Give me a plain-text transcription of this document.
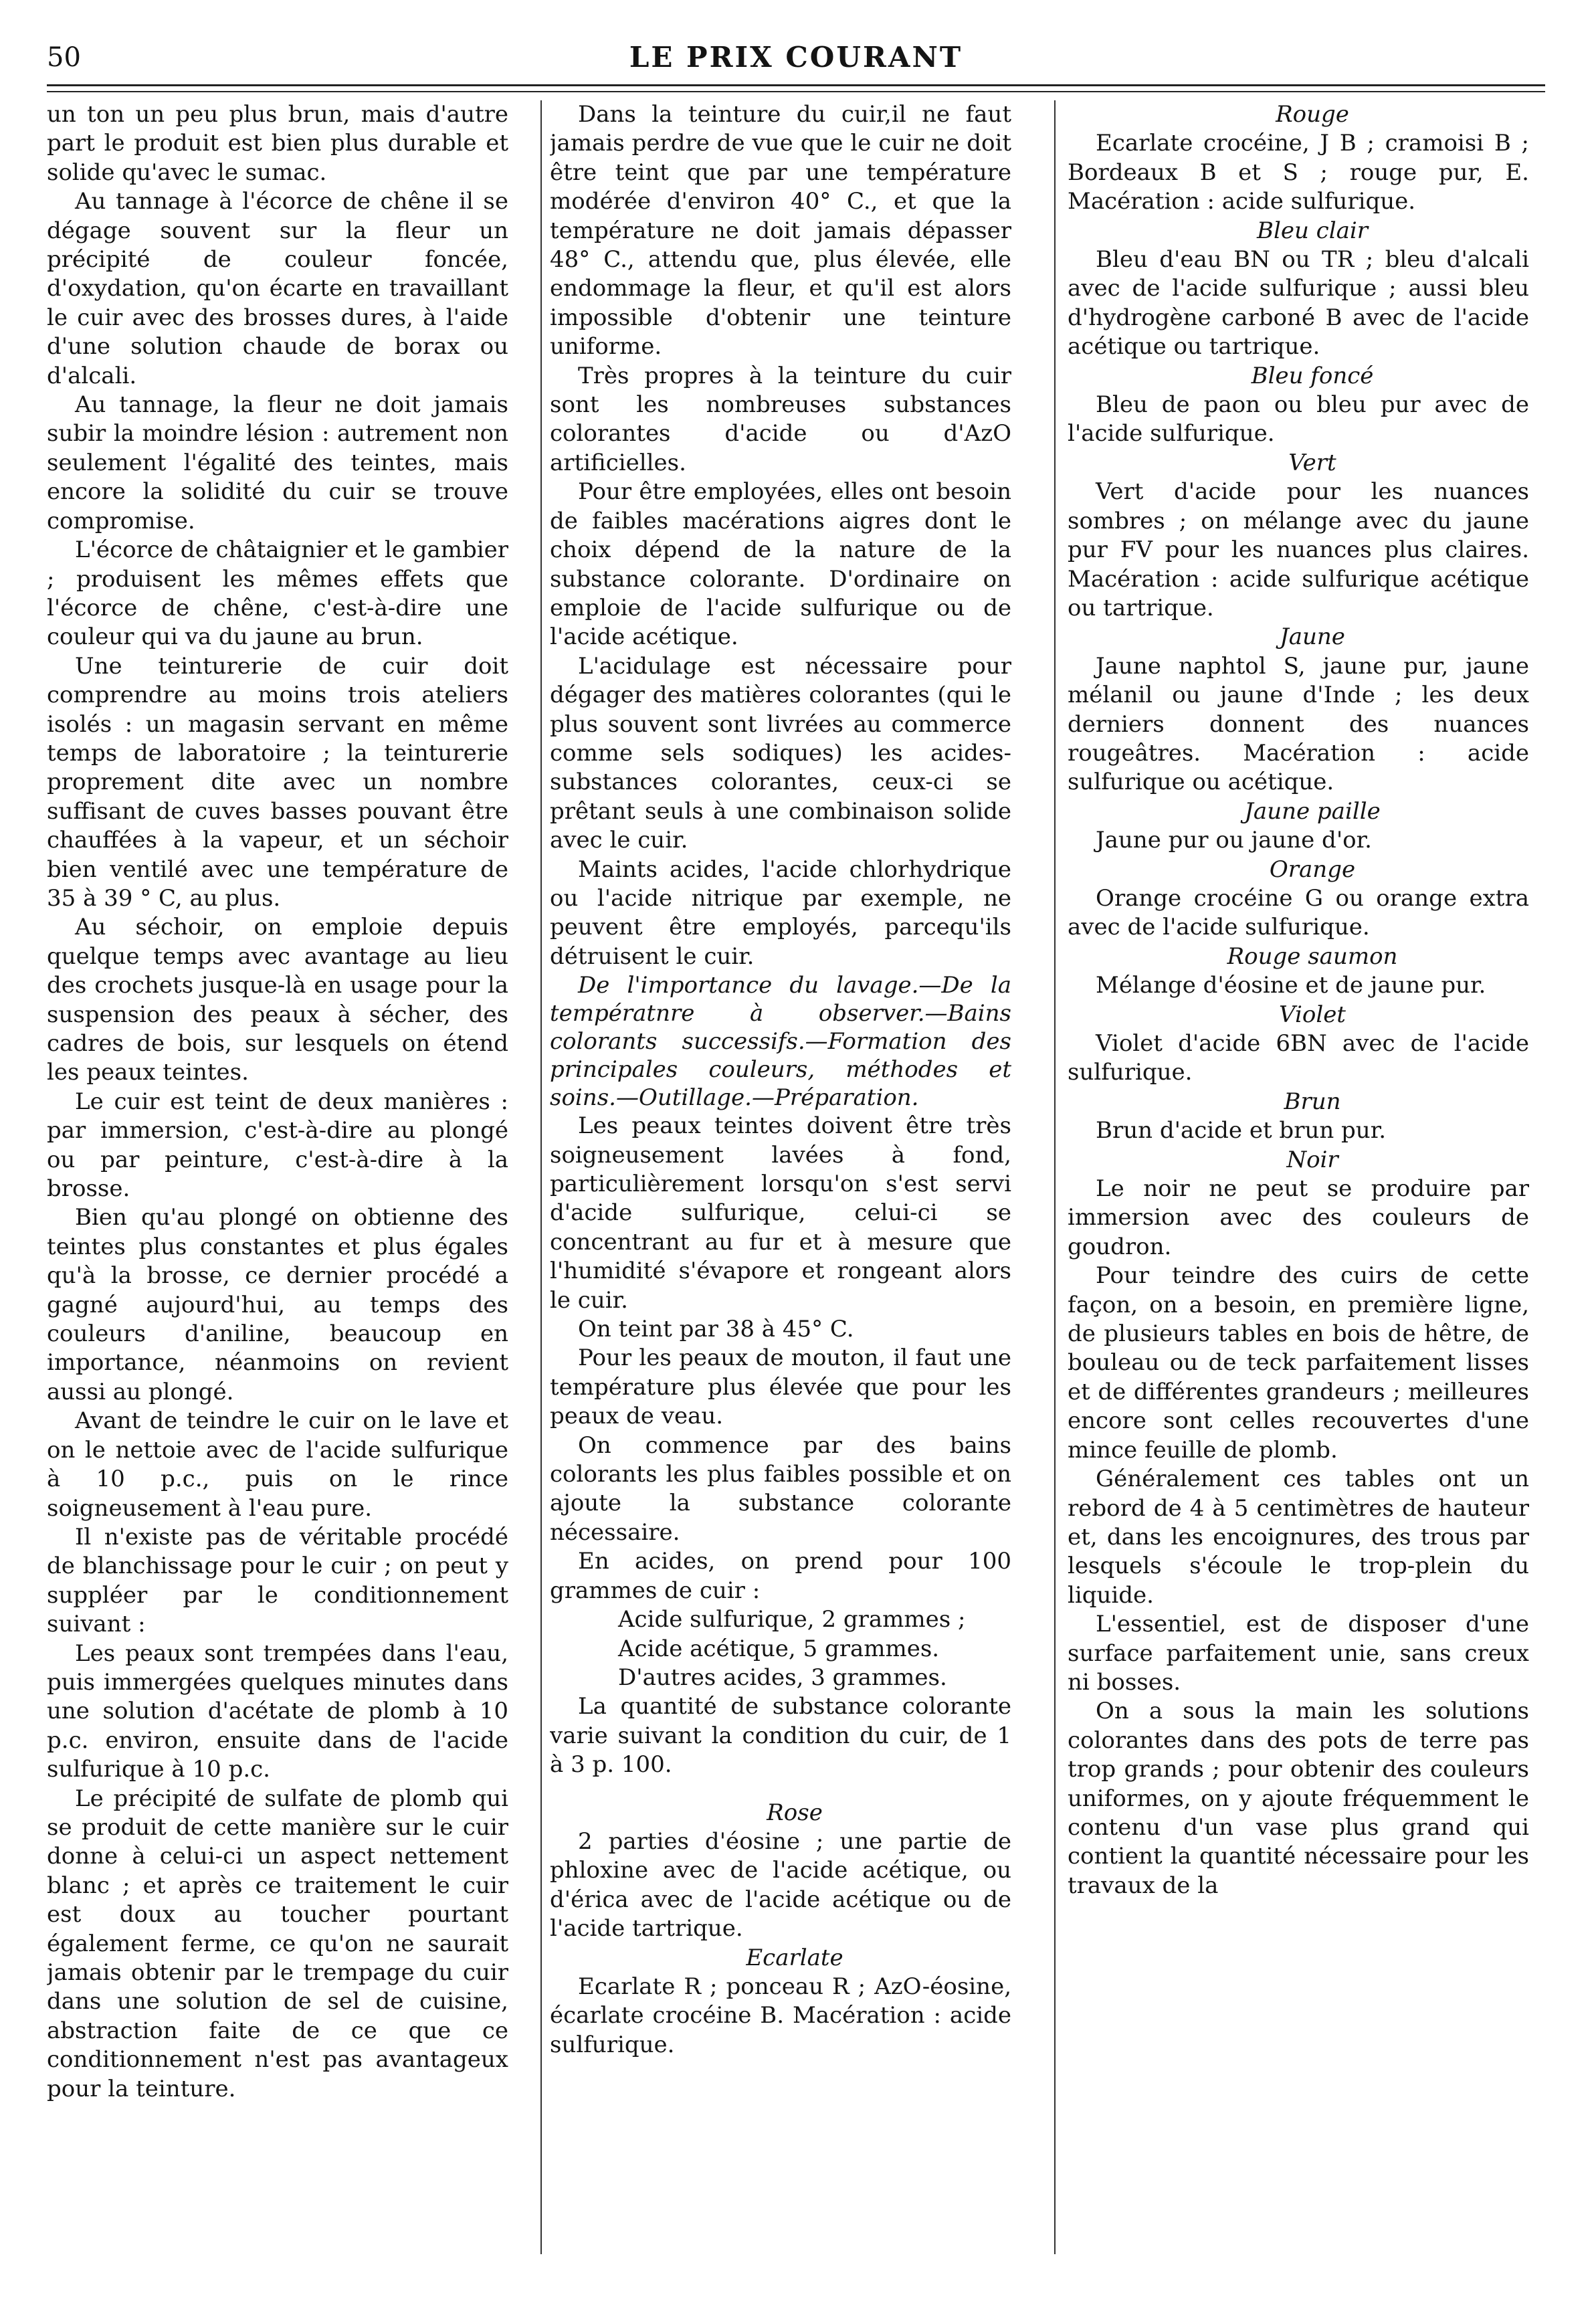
50	LE PRIX COURANT

un ton un peu plus brun, mais d'autre part le produit est bien plus durable et solide qu'avec le sumac.

Au tannage à l'écorce de chêne il se dégage souvent sur la fleur un précipité de couleur foncée, d'oxydation, qu'on écarte en travaillant le cuir avec des brosses dures, à l'aide d'une solution chaude de borax ou d'alcali.

Au tannage, la fleur ne doit jamais subir la moindre lésion : autrement non seulement l'égalité des teintes, mais encore la solidité du cuir se trouve compromise.

L'écorce de châtaignier et le gambier ; produisent les mêmes effets que l'écorce de chêne, c'est-à-dire une couleur qui va du jaune au brun.

Une teinturerie de cuir doit comprendre au moins trois ateliers isolés : un magasin servant en même temps de laboratoire ; la teinturerie proprement dite avec un nombre suffisant de cuves basses pouvant être chauffées à la vapeur, et un séchoir bien ventilé avec une température de 35 à 39 ° C, au plus.

Au séchoir, on emploie depuis quelque temps avec avantage au lieu des crochets jusque-là en usage pour la suspension des peaux à sécher, des cadres de bois, sur lesquels on étend les peaux teintes.

Le cuir est teint de deux manières : par immersion, c'est-à-dire au plongé ou par peinture, c'est-à-dire à la brosse.

Bien qu'au plongé on obtienne des teintes plus constantes et plus égales qu'à la brosse, ce dernier procédé a gagné aujourd'hui, au temps des couleurs d'aniline, beaucoup en importance, néanmoins on revient aussi au plongé.

Avant de teindre le cuir on le lave et on le nettoie avec de l'acide sulfurique à 10 p.c., puis on le rince soigneusement à l'eau pure.

Il n'existe pas de véritable procédé de blanchissage pour le cuir ; on peut y suppléer par le conditionnement suivant :

Les peaux sont trempées dans l'eau, puis immergées quelques minutes dans une solution d'acétate de plomb à 10 p.c. environ, ensuite dans de l'acide sulfurique à 10 p.c.

Le précipité de sulfate de plomb qui se produit de cette manière sur le cuir donne à celui-ci un aspect nettement blanc ; et après ce traitement le cuir est doux au toucher pourtant également ferme, ce qu'on ne saurait jamais obtenir par le trempage du cuir dans une solution de sel de cuisine, abstraction faite de ce que ce conditionnement n'est pas avantageux pour la teinture.

Dans la teinture du cuir,il ne faut jamais perdre de vue que le cuir ne doit être teint que par une température modérée d'environ 40° C., et que la température ne doit jamais dépasser 48° C., attendu que, plus élevée, elle endommage la fleur, et qu'il est alors impossible d'obtenir une teinture uniforme.

Très propres à la teinture du cuir sont les nombreuses substances colorantes d'acide ou d'AzO artificielles.

Pour être employées, elles ont besoin de faibles macérations aigres dont le choix dépend de la nature de la substance colorante. D'ordinaire on emploie de l'acide sulfurique ou de l'acide acétique.

L'acidulage est nécessaire pour dégager des matières colorantes (qui le plus souvent sont livrées au commerce comme sels sodiques) les acides-substances colorantes, ceux-ci se prêtant seuls à une combinaison solide avec le cuir.

Maints acides, l'acide chlorhydrique ou l'acide nitrique par exemple, ne peuvent être employés, parcequ'ils détruisent le cuir.

De l'importance du lavage.—De la températnre à observer.—Bains colorants successifs.—Formation des principales couleurs, méthodes et soins.—Outillage.—Préparation.

Les peaux teintes doivent être très soigneusement lavées à fond, particulièrement lorsqu'on s'est servi d'acide sulfurique, celui-ci se concentrant au fur et à mesure que l'humidité s'évapore et rongeant alors le cuir.

On teint par 38 à 45° C.

Pour les peaux de mouton, il faut une température plus élevée que pour les peaux de veau.

On commence par des bains colorants les plus faibles possible et on ajoute la substance colorante nécessaire.

En acides, on prend pour 100 grammes de cuir :

Acide sulfurique, 2 grammes ;

Acide acétique, 5 grammes.

D'autres acides, 3 grammes.

La quantité de substance colorante varie suivant la condition du cuir, de 1 à 3 p. 100.

Rose

2 parties d'éosine ; une partie de phloxine avec de l'acide acétique, ou d'érica avec de l'acide acétique ou de l'acide tartrique.

Ecarlate

Ecarlate R ; ponceau R ; AzO-éosine, écarlate crocéine B. Macération : acide sulfurique.

Rouge

Ecarlate crocéine, J B ; cramoisi B ; Bordeaux B et S ; rouge pur, E. Macération : acide sulfurique.

Bleu clair

Bleu d'eau BN ou TR ; bleu d'alcali avec de l'acide sulfurique ; aussi bleu d'hydrogène carboné B avec de l'acide acétique ou tartrique.

Bleu foncé

Bleu de paon ou bleu pur avec de l'acide sulfurique.

Vert

Vert d'acide pour les nuances sombres ; on mélange avec du jaune pur FV pour les nuances plus claires. Macération : acide sulfurique acétique ou tartrique.

Jaune

Jaune naphtol S, jaune pur, jaune mélanil ou jaune d'Inde ; les deux derniers donnent des nuances rougeâtres. Macération : acide sulfurique ou acétique.

Jaune paille

Jaune pur ou jaune d'or.

Orange

Orange crocéine G ou orange extra avec de l'acide sulfurique.

Rouge saumon

Mélange d'éosine et de jaune pur.

Violet

Violet d'acide 6BN avec de l'acide sulfurique.

Brun

Brun d'acide et brun pur.

Noir

Le noir ne peut se produire par immersion avec des couleurs de goudron.

Pour teindre des cuirs de cette façon, on a besoin, en première ligne, de plusieurs tables en bois de hêtre, de bouleau ou de teck parfaitement lisses et de différentes grandeurs ; meilleures encore sont celles recouvertes d'une mince feuille de plomb.

Généralement ces tables ont un rebord de 4 à 5 centimètres de hauteur et, dans les encoignures, des trous par lesquels s'écoule le trop-plein du liquide.

L'essentiel, est de disposer d'une surface parfaitement unie, sans creux ni bosses.

On a sous la main les solutions colorantes dans des pots de terre pas trop grands ; pour obtenir des couleurs uniformes, on y ajoute fréquemment le contenu d'un vase plus grand qui contient la quantité nécessaire pour les travaux de la
